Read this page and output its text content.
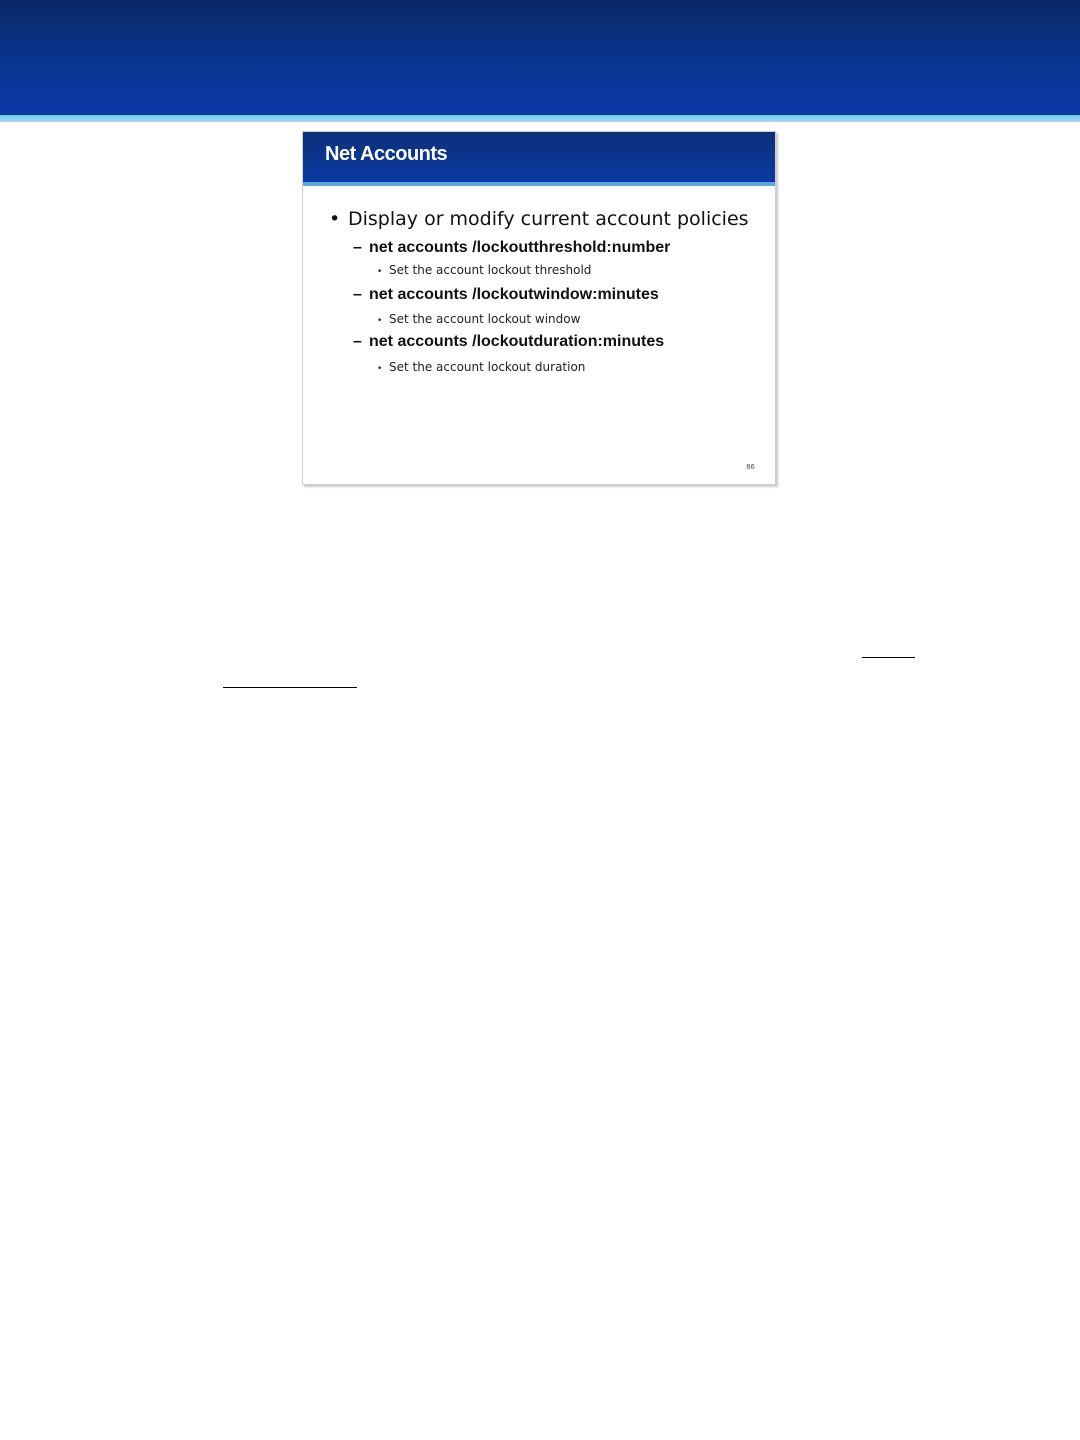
Net Accounts
• Display or modify current account policies
– net accounts /lockoutthreshold:number
• Set the account lockout threshold
– net accounts /lockoutwindow:minutes
• Set the account lockout window
– net accounts /lockoutduration:minutes
• Set the account lockout duration
86
